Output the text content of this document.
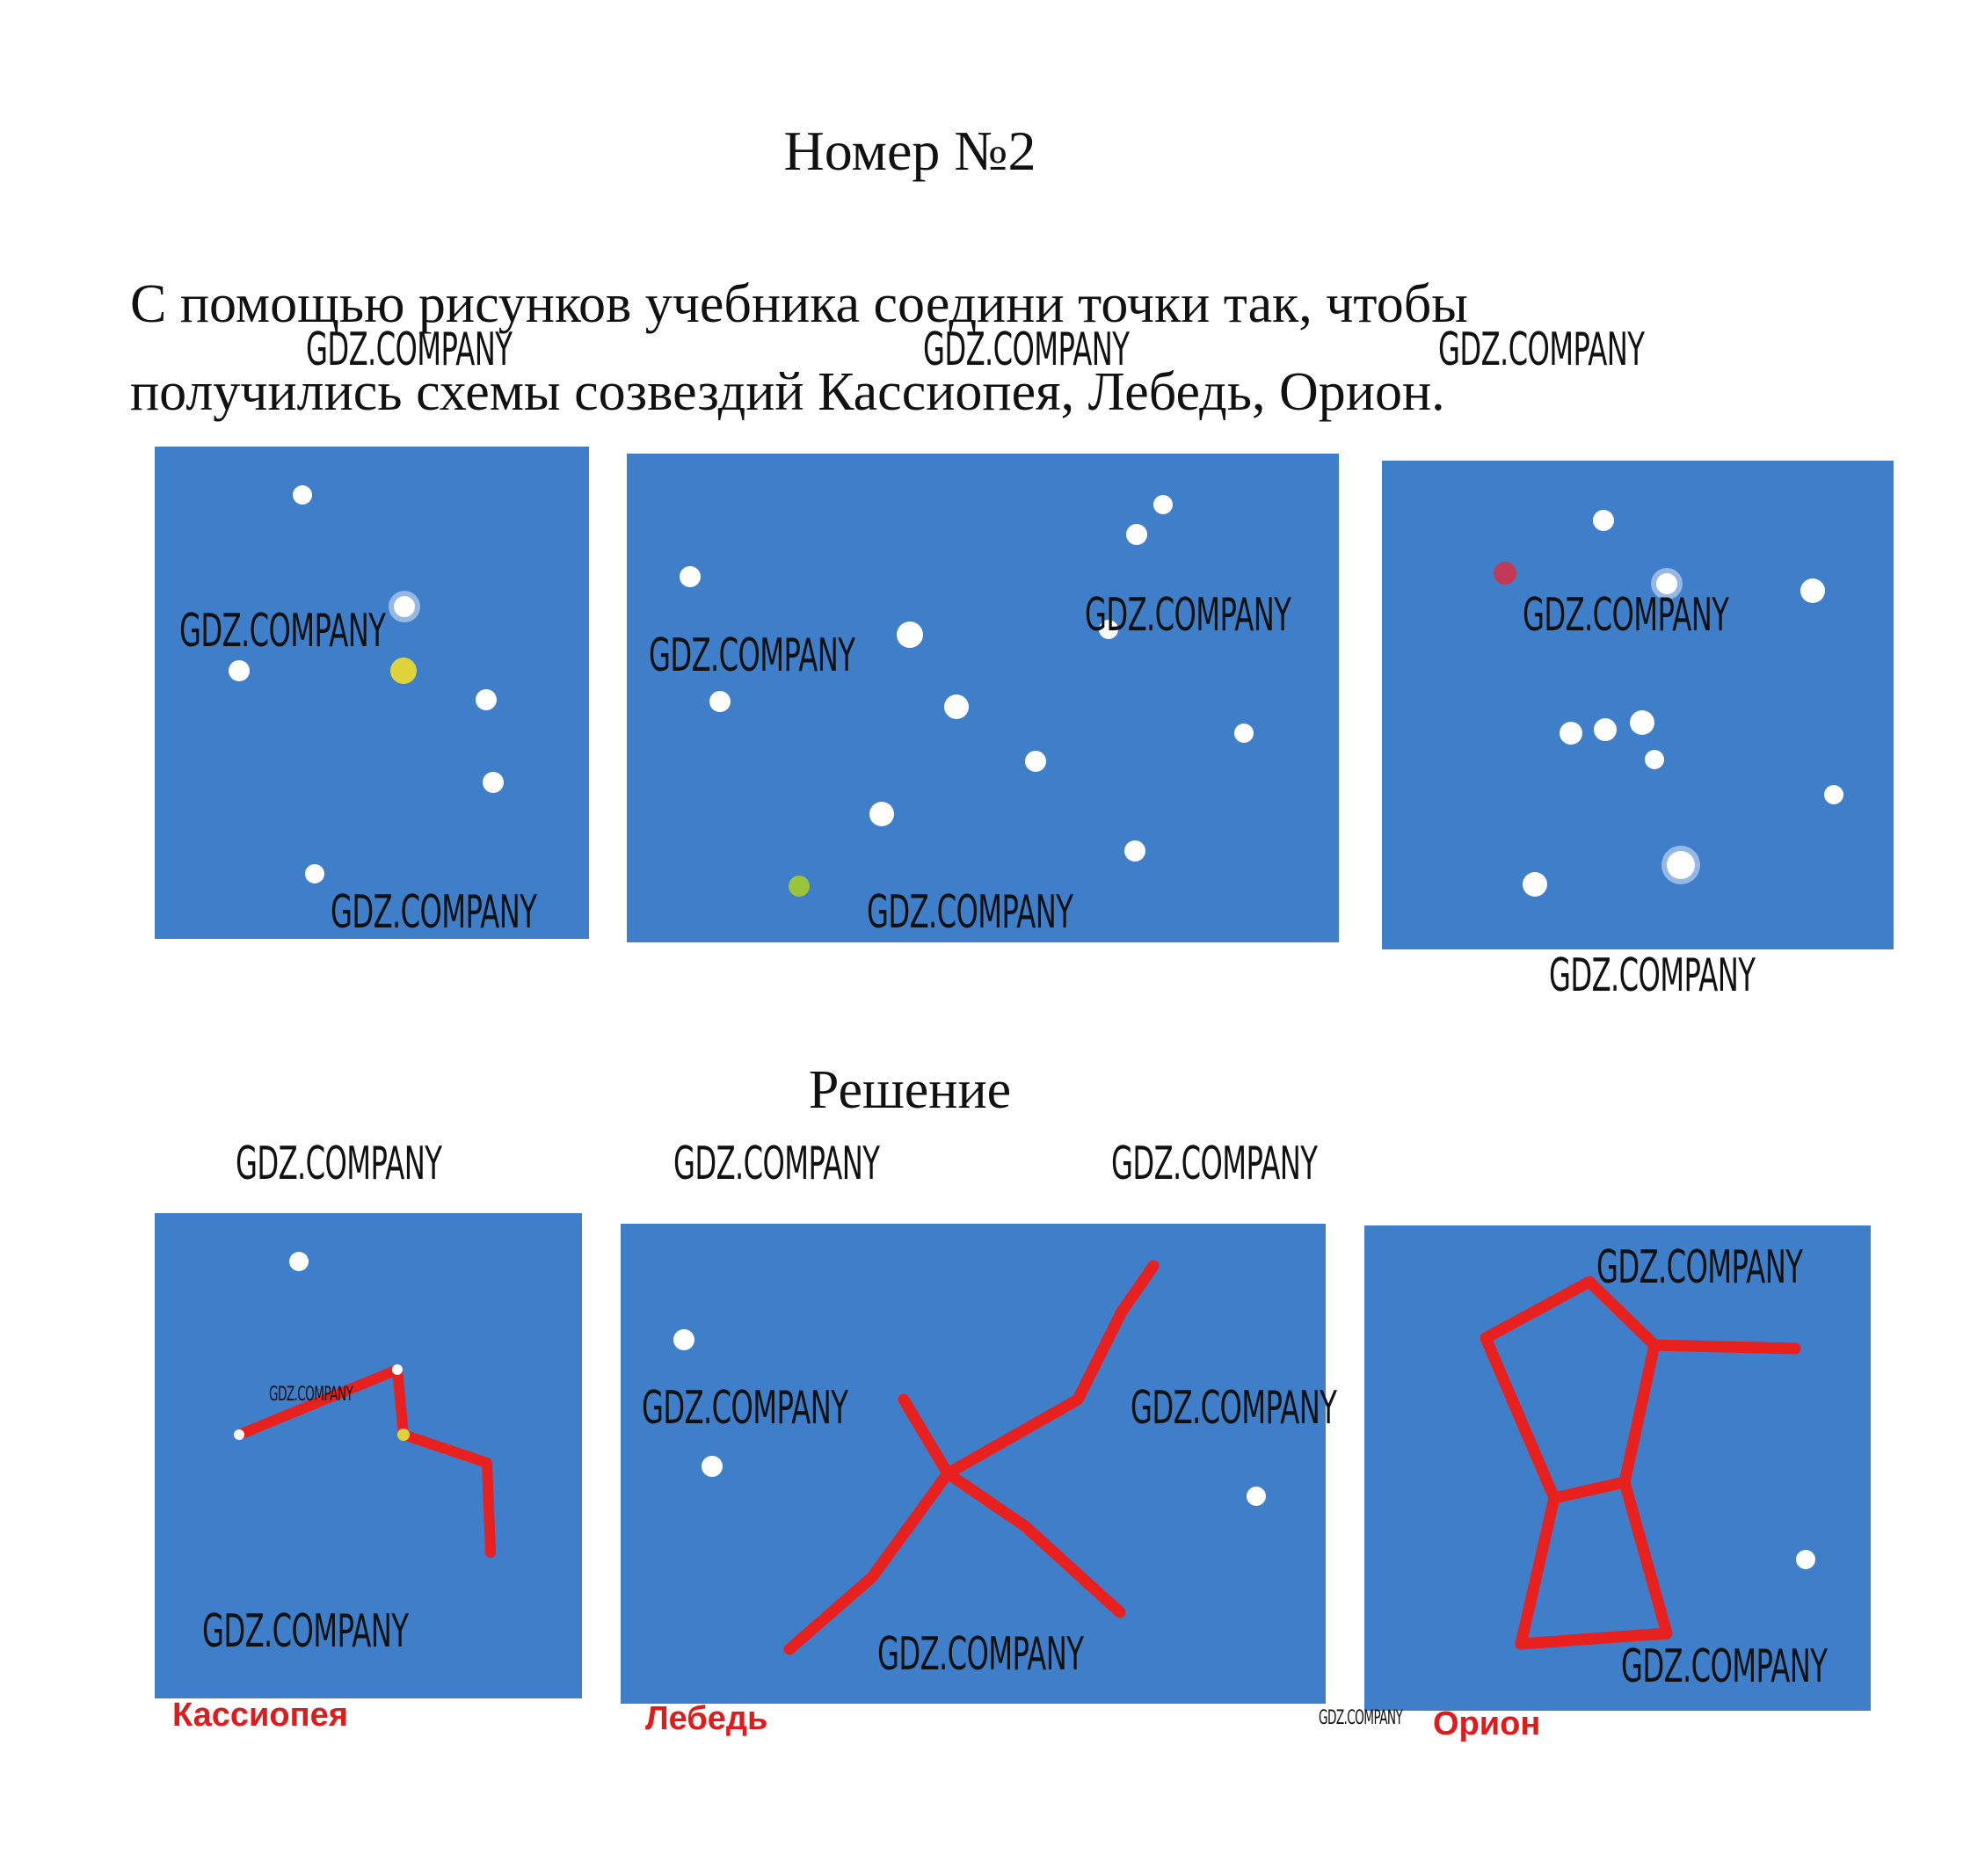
Номер №2
С помощью рисунков учебника соедини точки так, чтобы
получились схемы созвездий Кассиопея, Лебедь, Орион.
Решение
Кассиопея	Лебедь	Орион
GDZ.COMPANY	GDZ.COMPANY	GDZ.COMPANY
GDZ.COMPANY	GDZ.COMPANY
GDZ.COMPANY
GDZ.COMPANY
GDZ.COMPANY	GDZ.COMPANY
GDZ.COMPANY
GDZ.COMPANY	GDZ.COMPANY	GDZ.COMPANY
GDZ.COMPANY
GDZ.COMPANY	GDZ.COMPANY
GDZ.COMPANY
GDZ.COMPANY	GDZ.COMPANY	GDZ.COMPANY
GDZ.COMPANY
